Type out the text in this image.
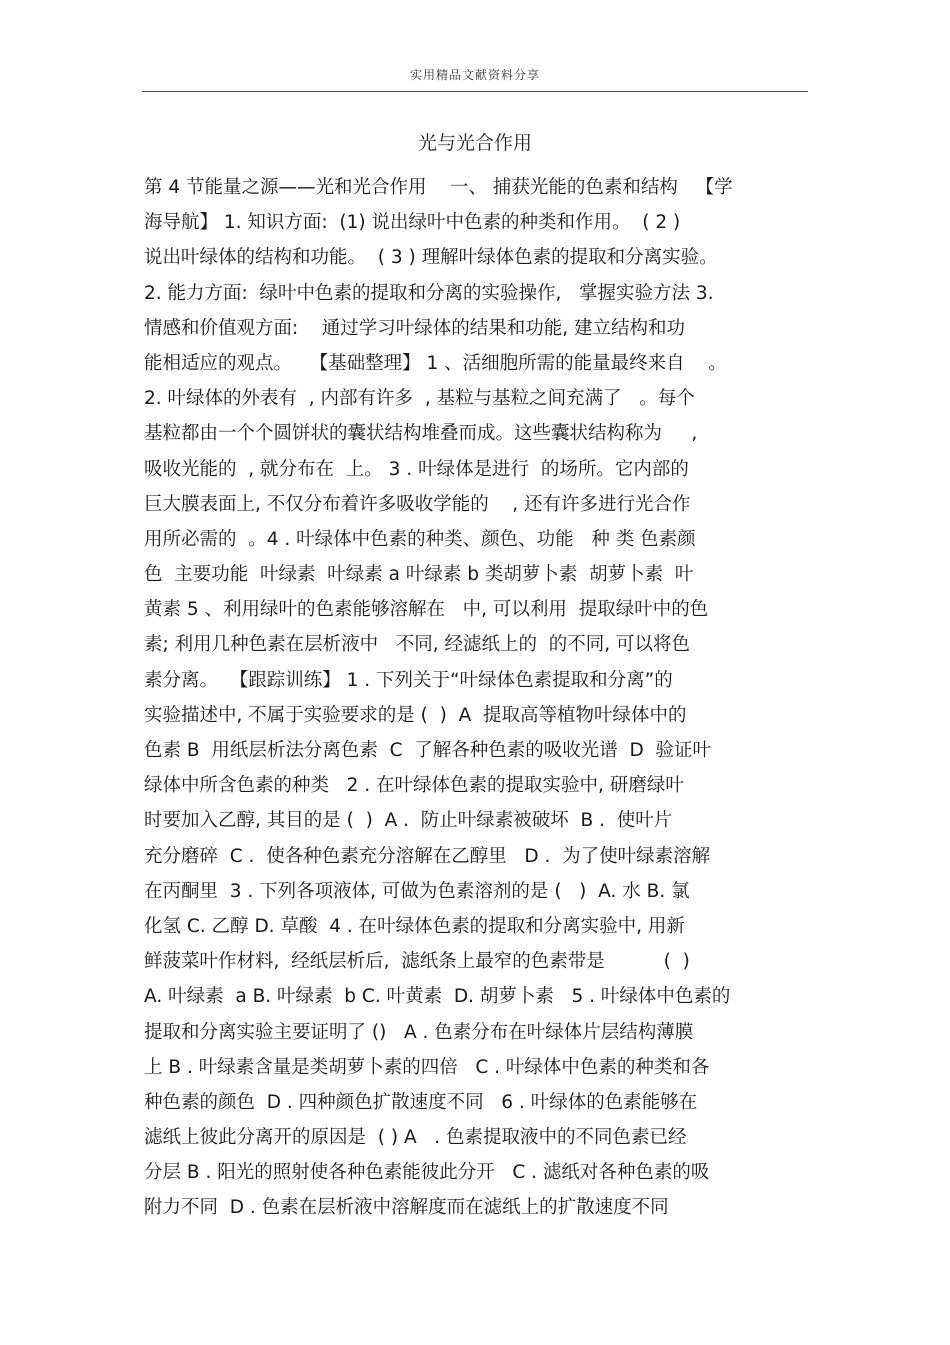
实用精品文献资料分享
光与光合作用
第 4 节能量之源——光和光合作用    一、 捕获光能的色素和结构   【学
海导航】 1. 知识方面:  (1) 说出绿叶中色素的种类和作用。  ( 2 )
说出叶绿体的结构和功能。  ( 3 ) 理解叶绿体色素的提取和分离实验。
2. 能力方面:  绿叶中色素的提取和分离的实验操作,   掌握实验方法 3.
情感和价值观方面:    通过学习叶绿体的结果和功能, 建立结构和功
能相适应的观点。   【基础整理】 1 、活细胞所需的能量最终来自    。
2. 叶绿体的外表有  , 内部有许多  , 基粒与基粒之间充满了   。每个
基粒都由一个个圆饼状的囊状结构堆叠而成。这些囊状结构称为     ,
吸收光能的  , 就分布在  上。 3 . 叶绿体是进行  的场所。它内部的
巨大膜表面上, 不仅分布着许多吸收学能的    , 还有许多进行光合作
用所必需的  。4 . 叶绿体中色素的种类、颜色、功能   种 类 色素颜
色  主要功能  叶绿素  叶绿素 a 叶绿素 b 类胡萝卜素  胡萝卜素  叶
黄素 5 、利用绿叶的色素能够溶解在   中, 可以利用  提取绿叶中的色
素; 利用几种色素在层析液中   不同, 经滤纸上的  的不同, 可以将色
素分离。  【跟踪训练】 1 . 下列关于“叶绿体色素提取和分离”的
实验描述中, 不属于实验要求的是 (  )  A  提取高等植物叶绿体中的
色素 B  用纸层析法分离色素  C  了解各种色素的吸收光谱  D  验证叶
绿体中所含色素的种类   2 . 在叶绿体色素的提取实验中, 研磨绿叶
时要加入乙醇, 其目的是 (  )  A .  防止叶绿素被破坏  B .  使叶片
充分磨碎  C .  使各种色素充分溶解在乙醇里   D .  为了使叶绿素溶解
在丙酮里  3 . 下列各项液体, 可做为色素溶剂的是 (   )  A. 水 B. 氯
化氢 C. 乙醇 D. 草酸  4 . 在叶绿体色素的提取和分离实验中, 用新
鲜菠菜叶作材料,  经纸层析后,  滤纸条上最窄的色素带是          (  )
A. 叶绿素  a B. 叶绿素  b C. 叶黄素  D. 胡萝卜素   5 . 叶绿体中色素的
提取和分离实验主要证明了 ()   A . 色素分布在叶绿体片层结构薄膜
上 B . 叶绿素含量是类胡萝卜素的四倍   C . 叶绿体中色素的种类和各
种色素的颜色  D . 四种颜色扩散速度不同   6 . 叶绿体的色素能够在
滤纸上彼此分离开的原因是  ( ) A   . 色素提取液中的不同色素已经
分层 B . 阳光的照射使各种色素能彼此分开   C . 滤纸对各种色素的吸
附力不同  D . 色素在层析液中溶解度而在滤纸上的扩散速度不同
